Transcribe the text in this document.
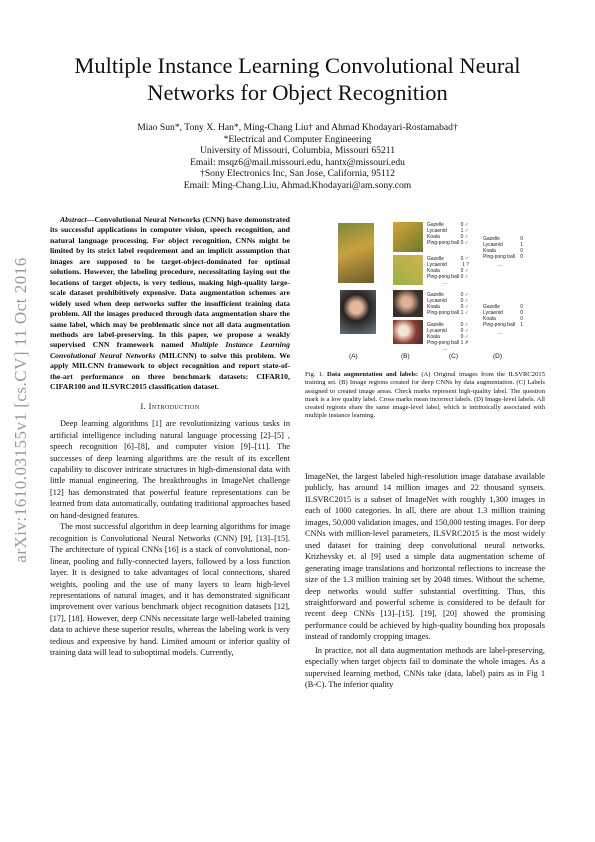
arXiv:1610.03155v1 [cs.CV] 11 Oct 2016
Multiple Instance Learning Convolutional Neural
Networks for Object Recognition
Miao Sun*, Tony X. Han*, Ming-Chang Liu† and Ahmad Khodayari-Rostamabad†
*Electrical and Computer Engineering
University of Missouri, Columbia, Missouri 65211
Email: msqz6@mail.missouri.edu, hantx@missouri.edu
†Sony Electronics Inc, San Jose, California, 95112
Email: Ming-Chang.Liu, Ahmad.Khodayari@am.sony.com

Abstract—Convolutional Neural Networks (CNN) have demonstrated its successful applications in computer vision, speech recognition, and natural language processing. For object recognition, CNNs might be limited by its strict label requirement and an implicit assumption that images are supposed to be target-object-dominated for optimal solutions. However, the labeling procedure, necessitating laying out the locations of target objects, is very tedious, making high-quality large-scale dataset prohibitively expensive. Data augmentation schemes are widely used when deep networks suffer the insufficient training data problem. All the images produced through data augmentation share the same label, which may be problematic since not all data augmentation methods are label-preserving. In this paper, we propose a weakly supervised CNN framework named Multiple Instance Learning Convolutional Neural Networks (MILCNN) to solve this problem. We apply MILCNN framework to object recognition and report state-of-the-art performance on three benchmark datasets: CIFAR10, CIFAR100 and ILSVRC2015 classification dataset.

I. Introduction

Deep learning algorithms [1] are revolutionizing various tasks in artificial intelligence including natural language processing [2]–[5] , speech recognition [6]–[8], and computer vision [9]–[11]. The successes of deep learning algorithms are the result of its excellent capability to discover intricate structures in high-dimensional data with little manual engineering. The breakthroughs in ImageNet challenge [12] has demonstrated that powerful feature representations can be learned from data automatically, outdating traditional approaches based on hand-designed features.

The most successful algorithm in deep learning algorithms for image recognition is Convolutional Neural Networks (CNN) [9], [13]–[15]. The architecture of typical CNNs [16] is a stack of convolutional, non-linear, pooling and fully-connected layers, followed by a loss function layer. It is designed to take advantages of local connections, shared weights, pooling and the use of many layers to learn high-level representations of natural images, and it has demonstrated significant improvement over various benchmark object recognition datasets [12], [17], [18]. However, deep CNNs necessitate large well-labeled training data to achieve these superior results, whereas the labeling work is very tedious and expensive by hand. Limited amount or inferior quality of training data will lead to suboptimal models. Currently,

Gazelle	0 ✓
Lycaenid	1 ✓
Koala	0 ✓
Ping-pong ball 0 ✓
Gazelle	0 ✓
Lycaenid	1 ?
Koala	0 ✓
Ping-pong ball 0 ✓
...
Gazelle	0 ✓
Lycaenid	0 ✓
Koala	0 ✓
Ping-pong ball 1 ✓
Gazelle	0 ✓
Lycaenid	0 ✓
Koala	0 ✓
Ping-pong ball 1 ✗
...
Gazelle	0
Lycaenid	1
Koala	0
Ping-pong ball 0
...
Gazelle	0
Lycaenid	0
Koala	0
Ping-pong ball 1
...
(A)	(B)	(C)	(D)
Fig. 1. Data augmentation and labels: (A) Original images from the ILSVRC2015 training set. (B) Image regions created for deep CNNs by data augmentation. (C) Labels assigned to created image areas. Check marks represent high-quality label. The question mark is a low quality label. Cross marks mean incorrect labels. (D) Image-level labels. All created regions share the same image-level label, which is intrinsically associated with multiple instance learning.

ImageNet, the largest labeled high-resolution image database available publicly, has around 14 million images and 22 thousand synsets. ILSVRC2015 is a subset of ImageNet with roughly 1,300 images in each of 1000 categories. In all, there are about 1.3 million training images, 50,000 validation images, and 150,000 testing images. For deep CNNs with million-level parameters, ILSVRC2015 is the most widely used dataset for training deep convolutional neural networks. Krizhevsky et. al [9] used a simple data augmentation scheme of generating image translations and horizontal reflections to increase the size of the 1.3 million training set by 2048 times. Without the scheme, deep networks would suffer substantial overfitting. Thus, this straightforward and powerful scheme is considered to be default for recent deep CNNs [13]–[15]. [19], [20] showed the promising performance could be achieved by high-quality bounding box proposals instead of randomly cropping images.

In practice, not all data augmentation methods are label-preserving, especially when target objects fail to dominate the whole images. As a supervised learning method, CNNs take (data, label) pairs as in Fig 1 (B-C). The inferior quality
